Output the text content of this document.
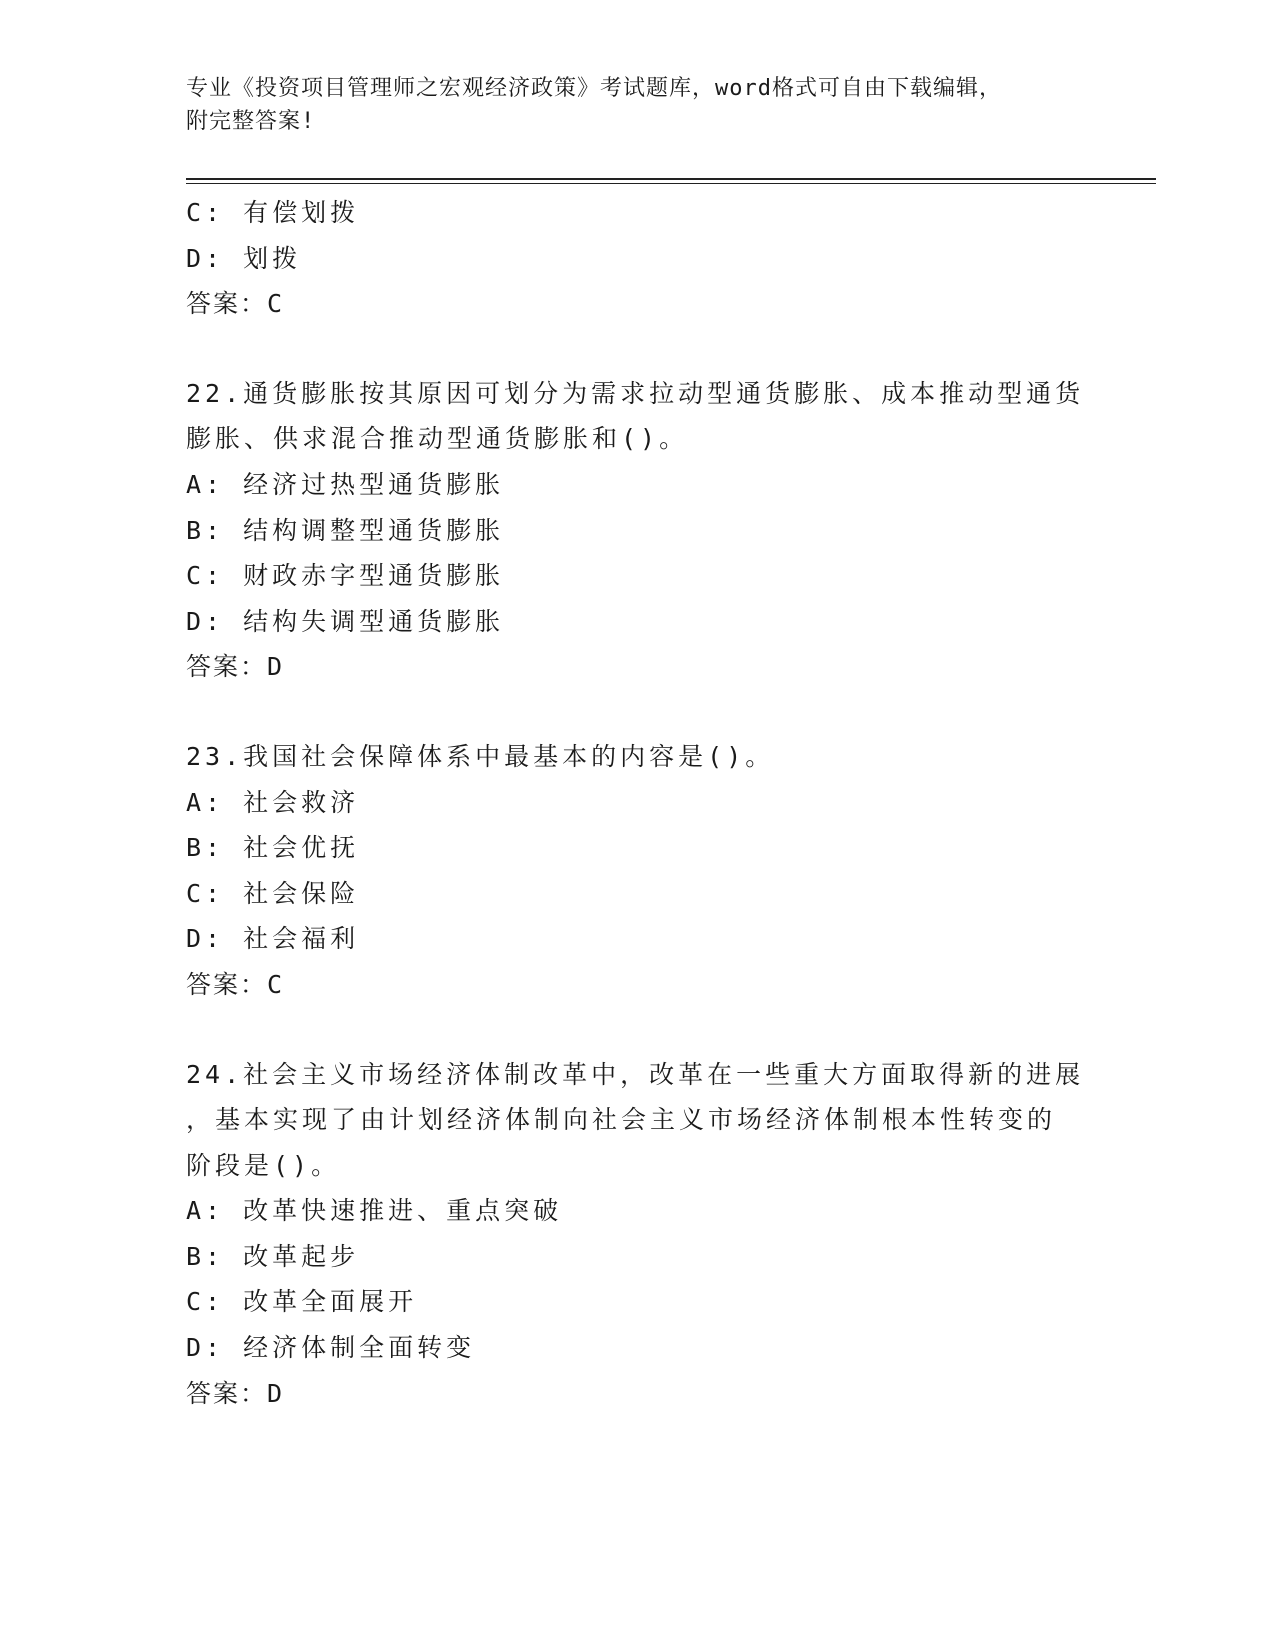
专业《投资项目管理师之宏观经济政策》考试题库，word格式可自由下载编辑，
附完整答案!
C: 有偿划拨
D: 划拨
答案：C
22.通货膨胀按其原因可划分为需求拉动型通货膨胀、成本推动型通货
膨胀、供求混合推动型通货膨胀和()。
A: 经济过热型通货膨胀
B: 结构调整型通货膨胀
C: 财政赤字型通货膨胀
D: 结构失调型通货膨胀
答案：D
23.我国社会保障体系中最基本的内容是()。
A: 社会救济
B: 社会优抚
C: 社会保险
D: 社会福利
答案：C
24.社会主义市场经济体制改革中，改革在一些重大方面取得新的进展
，基本实现了由计划经济体制向社会主义市场经济体制根本性转变的
阶段是()。
A: 改革快速推进、重点突破
B: 改革起步
C: 改革全面展开
D: 经济体制全面转变
答案：D
